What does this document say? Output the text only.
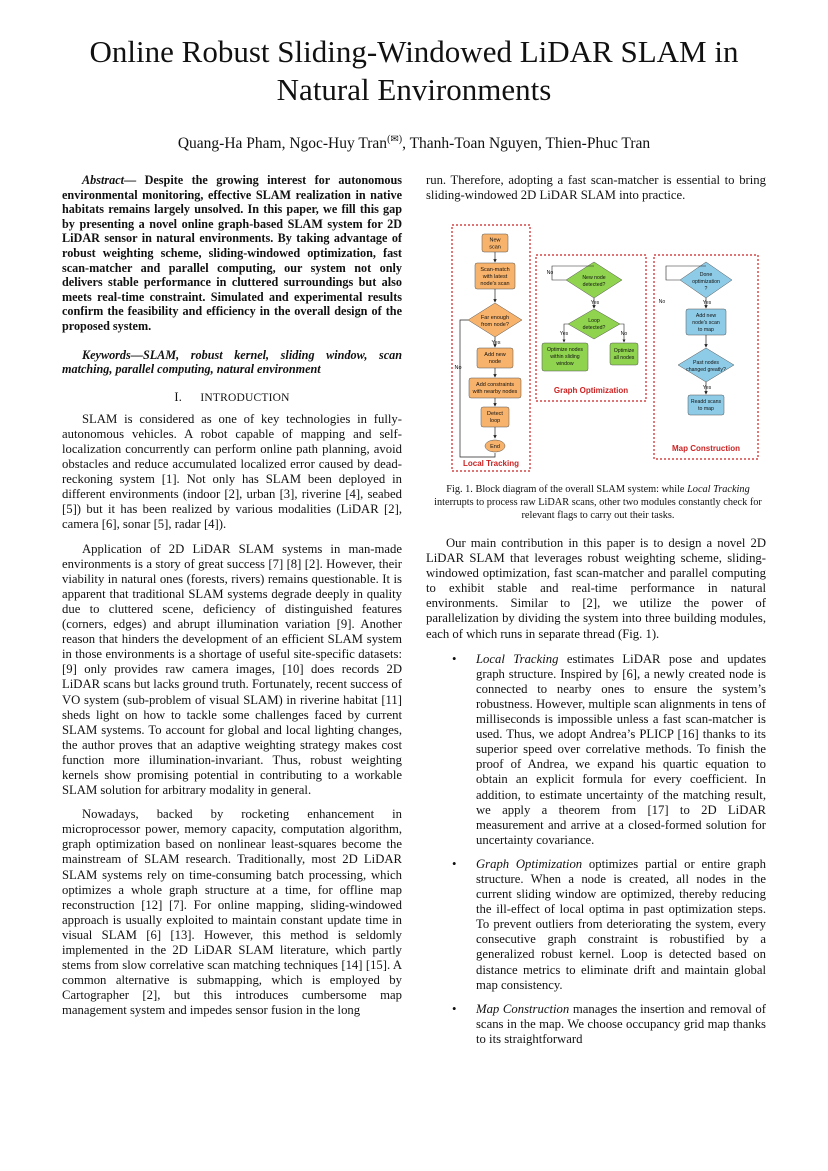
Online Robust Sliding-Windowed LiDAR SLAM in Natural Environments
Quang-Ha Pham, Ngoc-Huy Tran(✉), Thanh-Toan Nguyen, Thien-Phuc Tran

Abstract— Despite the growing interest for autonomous environmental monitoring, effective SLAM realization in native habitats remains largely unsolved. In this paper, we fill this gap by presenting a novel online graph-based SLAM system for 2D LiDAR sensor in natural environments. By taking advantage of robust weighting scheme, sliding-windowed optimization, fast scan-matcher and parallel computing, our system not only delivers stable performance in cluttered surroundings but also meets real-time constraint. Simulated and experimental results confirm the feasibility and efficiency in the overall design of the proposed system.

Keywords—SLAM, robust kernel, sliding window, scan matching, parallel computing, natural environment

I. INTRODUCTION

SLAM is considered as one of key technologies in fully-autonomous vehicles. A robot capable of mapping and self-localization concurrently can perform online path planning, avoid obstacles and reduce accumulated localized error caused by dead-reckoning system [1]. Not only has SLAM been deployed in different environments (indoor [2], urban [3], riverine [4], seabed [5]) but it has been realized by various modalities (LiDAR [2], camera [6], sonar [5], radar [4]).

Application of 2D LiDAR SLAM systems in man-made environments is a story of great success [7] [8] [2]. However, their viability in natural ones (forests, rivers) remains questionable. It is apparent that traditional SLAM systems degrade deeply in quality due to cluttered scene, deficiency of distinguished features (corners, edges) and abrupt illumination variation [9]. Another reason that hinders the development of an efficient SLAM system in those environments is a shortage of useful site-specific datasets: [9] only provides raw camera images, [10] does records 2D LiDAR scans but lacks ground truth. Fortunately, recent success of VO system (sub-problem of visual SLAM) in riverine habitat [11] sheds light on how to tackle some challenges faced by current SLAM systems. To account for global and local lighting changes, the author proves that an adaptive weighting strategy makes cost function more illumination-invariant. Thus, robust weighting kernels show promising potential in contributing to a workable SLAM solution for arbitrary modality in general.

Nowadays, backed by rocketing enhancement in microprocessor power, memory capacity, computation algorithm, graph optimization based on nonlinear least-squares become the mainstream of SLAM research. Traditionally, most 2D LiDAR SLAM systems rely on time-consuming batch processing, which optimizes a whole graph structure at a time, for offline map reconstruction [12] [7]. For online mapping, sliding-windowed approach is usually exploited to maintain constant update time in visual SLAM [6] [13]. However, this method is seldomly implemented in the 2D LiDAR SLAM literature, which partly stems from slow correlative scan matching techniques [14] [15]. A common alternative is submapping, which is employed by Cartographer [2], but this introduces cumbersome map management system and impedes sensor fusion in the long

run. Therefore, adopting a fast scan-matcher is essential to bring sliding-windowed 2D LiDAR SLAM into practice.

New
scan
Scan-match
with latest
node's scan
Far enough
from node?
Yes
Add new
node
Add constraints
with nearby nodes
Detect
loop
End
No
Local Tracking
New node
detected?
No
Yes
Loop
detected?
Yes	No
Optimize nodes
within sliding
window
Optimize
all nodes
Graph Optimization
Done
optimization
?
No	Yes
Add new
node's scan
to map
Past nodes
changed greatly?
Yes
Readd scans
to map
Map Construction
Fig. 1. Block diagram of the overall SLAM system: while Local Tracking interrupts to process raw LiDAR scans, other two modules constantly check for relevant flags to carry out their tasks.

Our main contribution in this paper is to design a novel 2D LiDAR SLAM that leverages robust weighting scheme, sliding-windowed optimization, fast scan-matcher and parallel computing to exhibit stable and real-time performance in natural environments. Similar to [2], we utilize the power of parallelization by dividing the system into three building modules, each of which runs in separate thread (Fig. 1).

• Local Tracking estimates LiDAR pose and updates graph structure. Inspired by [6], a newly created node is connected to nearby ones to ensure the system’s robustness. However, multiple scan alignments in tens of milliseconds is impossible unless a fast scan-matcher is used. Thus, we adopt Andrea’s PLICP [16] thanks to its superior speed over correlative methods. To finish the proof of Andrea, we expand his quartic equation to obtain an explicit formula for every coefficient. In addition, to estimate uncertainty of the matching result, we apply a theorem from [17] to 2D LiDAR measurement and arrive at a closed-formed solution for uncertainty covariance.
• Graph Optimization optimizes partial or entire graph structure. When a node is created, all nodes in the current sliding window are optimized, thereby reducing the ill-effect of local optima in past optimization steps. To prevent outliers from deteriorating the system, every consecutive graph constraint is robustified by a generalized robust kernel. Loop is detected based on distance metrics to eliminate drift and maintain global map consistency.
• Map Construction manages the insertion and removal of scans in the map. We choose occupancy grid map thanks to its straightforward
